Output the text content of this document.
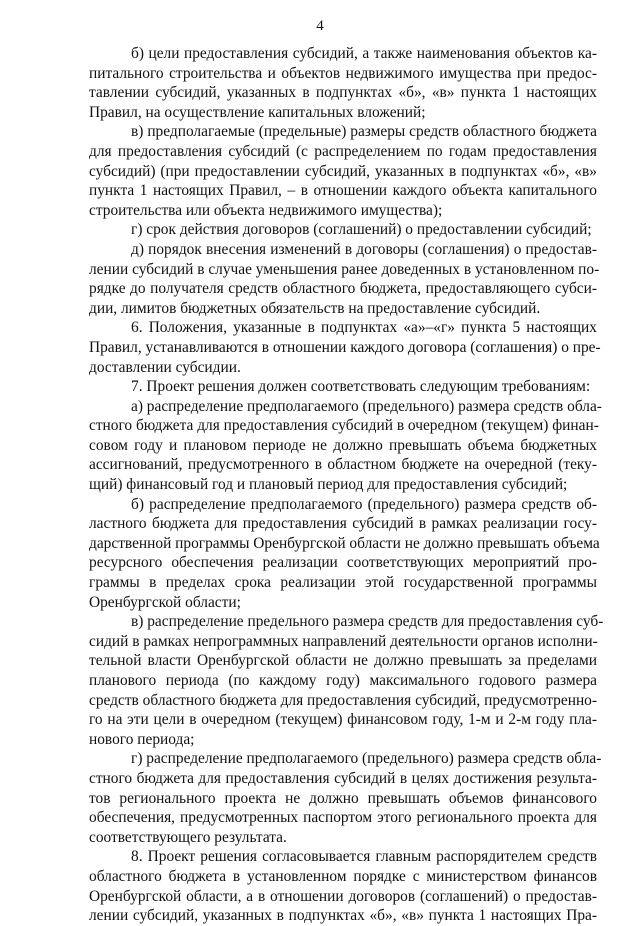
4
б) цели предоставления субсидий, а также наименования объектов ка-
питального строительства и объектов недвижимого имущества при предос-
тавлении субсидий, указанных в подпунктах «б», «в» пункта 1 настоящих
Правил, на осуществление капитальных вложений;
в) предполагаемые (предельные) размеры средств областного бюджета
для предоставления субсидий (с распределением по годам предоставления
субсидий) (при предоставлении субсидий, указанных в подпунктах «б», «в»
пункта 1 настоящих Правил, – в отношении каждого объекта капитального
строительства или объекта недвижимого имущества);
г) срок действия договоров (соглашений) о предоставлении субсидий;
д) порядок внесения изменений в договоры (соглашения) о предостав-
лении субсидий в случае уменьшения ранее доведенных в установленном по-
рядке до получателя средств областного бюджета, предоставляющего субси-
дии, лимитов бюджетных обязательств на предоставление субсидий.
6. Положения, указанные в подпунктах «а»–«г» пункта 5 настоящих
Правил, устанавливаются в отношении каждого договора (соглашения) о пре-
доставлении субсидии.
7. Проект решения должен соответствовать следующим требованиям:
а) распределение предполагаемого (предельного) размера средств обла-
стного бюджета для предоставления субсидий в очередном (текущем) финан-
совом году и плановом периоде не должно превышать объема бюджетных
ассигнований, предусмотренного в областном бюджете на очередной (теку-
щий) финансовый год и плановый период для предоставления субсидий;
б) распределение предполагаемого (предельного) размера средств об-
ластного бюджета для предоставления субсидий в рамках реализации госу-
дарственной программы Оренбургской области не должно превышать объема
ресурсного обеспечения реализации соответствующих мероприятий про-
граммы в пределах срока реализации этой государственной программы
Оренбургской области;
в) распределение предельного размера средств для предоставления суб-
сидий в рамках непрограммных направлений деятельности органов исполни-
тельной власти Оренбургской области не должно превышать за пределами
планового периода (по каждому году) максимального годового размера
средств областного бюджета для предоставления субсидий, предусмотренно-
го на эти цели в очередном (текущем) финансовом году, 1-м и 2-м году пла-
нового периода;
г) распределение предполагаемого (предельного) размера средств обла-
стного бюджета для предоставления субсидий в целях достижения результа-
тов регионального проекта не должно превышать объемов финансового
обеспечения, предусмотренных паспортом этого регионального проекта для
соответствующего результата.
8. Проект решения согласовывается главным распорядителем средств
областного бюджета в установленном порядке с министерством финансов
Оренбургской области, а в отношении договоров (соглашений) о предостав-
лении субсидий, указанных в подпунктах «б», «в» пункта 1 настоящих Пра-
